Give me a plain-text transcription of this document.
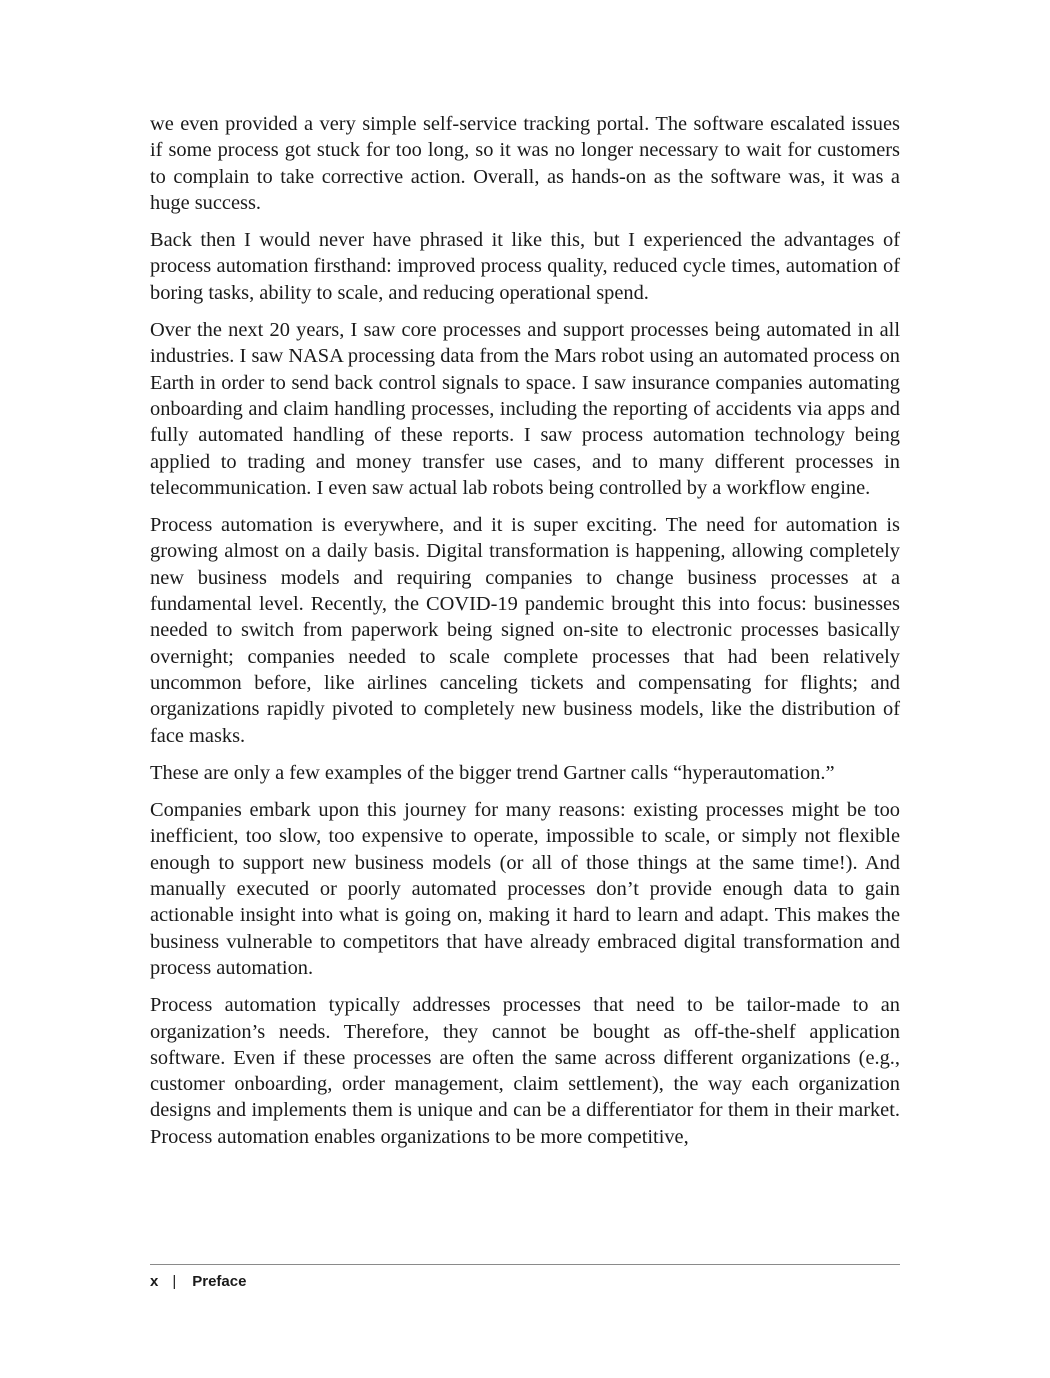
we even provided a very simple self-service tracking portal. The software escalated issues if some process got stuck for too long, so it was no longer necessary to wait for customers to complain to take corrective action. Overall, as hands-on as the software was, it was a huge success.

Back then I would never have phrased it like this, but I experienced the advantages of process automation firsthand: improved process quality, reduced cycle times, automation of boring tasks, ability to scale, and reducing operational spend.

Over the next 20 years, I saw core processes and support processes being automated in all industries. I saw NASA processing data from the Mars robot using an automated process on Earth in order to send back control signals to space. I saw insurance companies automating onboarding and claim handling processes, including the reporting of accidents via apps and fully automated handling of these reports. I saw process automation technology being applied to trading and money transfer use cases, and to many different processes in telecommunication. I even saw actual lab robots being controlled by a workflow engine.

Process automation is everywhere, and it is super exciting. The need for automation is growing almost on a daily basis. Digital transformation is happening, allowing completely new business models and requiring companies to change business processes at a fundamental level. Recently, the COVID-19 pandemic brought this into focus: businesses needed to switch from paperwork being signed on-site to electronic processes basically overnight; companies needed to scale complete processes that had been relatively uncommon before, like airlines canceling tickets and compensating for flights; and organizations rapidly pivoted to completely new business models, like the distribution of face masks.

These are only a few examples of the bigger trend Gartner calls “hyperautomation.”

Companies embark upon this journey for many reasons: existing processes might be too inefficient, too slow, too expensive to operate, impossible to scale, or simply not flexible enough to support new business models (or all of those things at the same time!). And manually executed or poorly automated processes don’t provide enough data to gain actionable insight into what is going on, making it hard to learn and adapt. This makes the business vulnerable to competitors that have already embraced digital transformation and process automation.

Process automation typically addresses processes that need to be tailor-made to an organization’s needs. Therefore, they cannot be bought as off-the-shelf application software. Even if these processes are often the same across different organizations (e.g., customer onboarding, order management, claim settlement), the way each organization designs and implements them is unique and can be a differentiator for them in their market. Process automation enables organizations to be more competitive,

x | Preface
